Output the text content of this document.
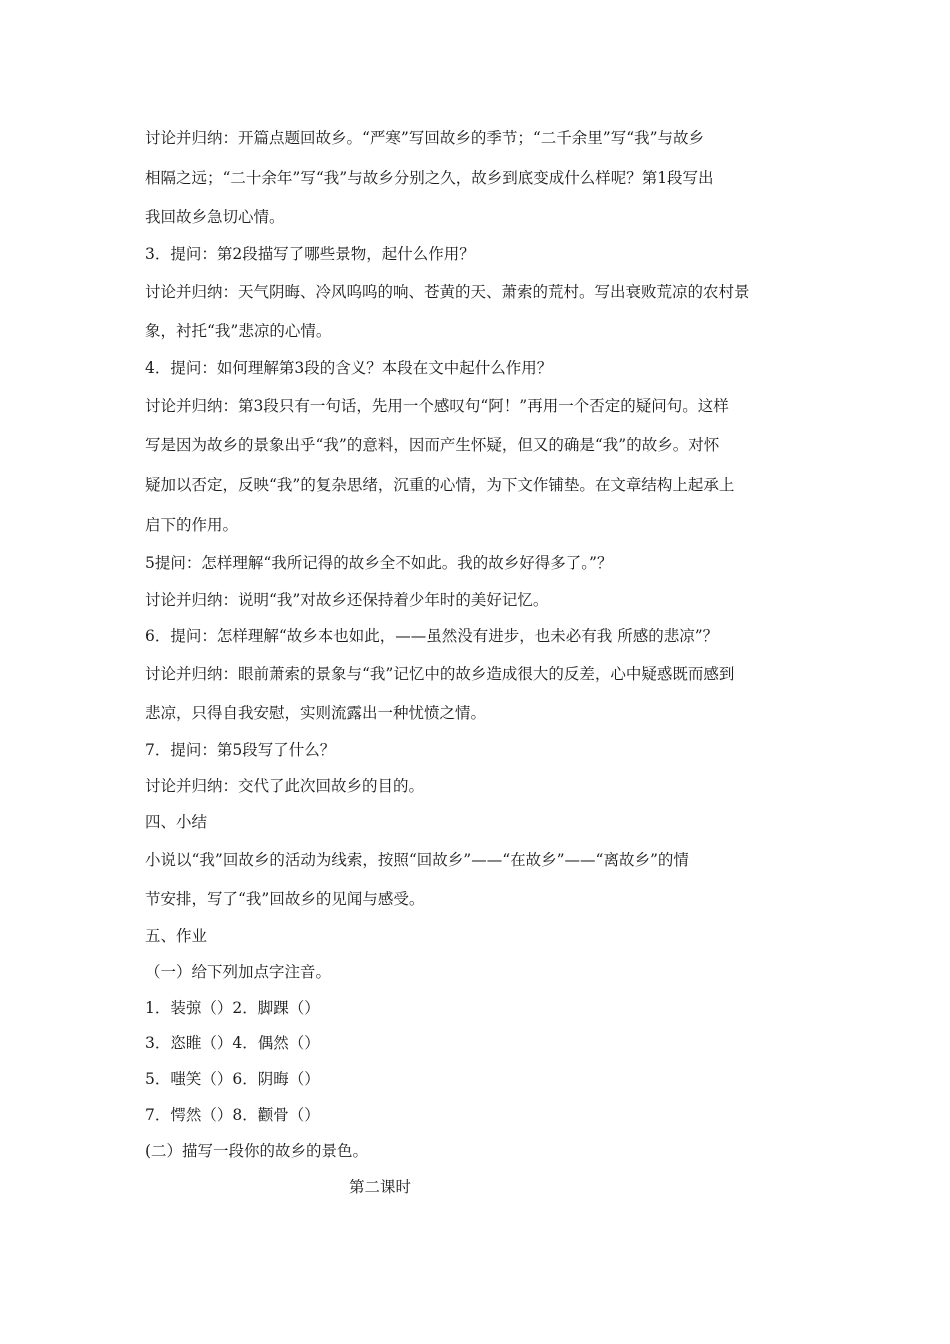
讨论并归纳：开篇点题回故乡。“严寒”写回故乡的季节；“二千余里”写“我”与故乡
相隔之远；“二十余年”写“我”与故乡分别之久，故乡到底变成什么样呢？第1段写出
我回故乡急切心情。
3．提问：第2段描写了哪些景物，起什么作用？
讨论并归纳：天气阴晦、冷风呜呜的响、苍黄的天、萧索的荒村。写出衰败荒凉的农村景
象，衬托“我”悲凉的心情。
4．提问：如何理解第3段的含义？本段在文中起什么作用？
讨论并归纳：第3段只有一句话，先用一个感叹句“阿！”再用一个否定的疑问句。这样
写是因为故乡的景象出乎“我”的意料，因而产生怀疑，但又的确是“我”的故乡。对怀
疑加以否定，反映“我”的复杂思绪，沉重的心情，为下文作铺垫。在文章结构上起承上
启下的作用。
5提问：怎样理解“我所记得的故乡全不如此。我的故乡好得多了。”？
讨论并归纳：说明“我”对故乡还保持着少年时的美好记忆。
6．提问：怎样理解“故乡本也如此，——虽然没有进步，也未必有我 所感的悲凉”？
讨论并归纳：眼前萧索的景象与“我”记忆中的故乡造成很大的反差，心中疑惑既而感到
悲凉，只得自我安慰，实则流露出一种忧愤之情。
7．提问：第5段写了什么？
讨论并归纳：交代了此次回故乡的目的。
四、小结
小说以“我”回故乡的活动为线索，按照“回故乡”——“在故乡”——“离故乡”的情
节安排，写了“我”回故乡的见闻与感受。
五、作业
（一）给下列加点字注音。
1．装弶（）2．脚踝（）
3．恣睢（）4．偶然（）
5．嗤笑（）6．阴晦（）
7．愕然（）8．颧骨（）
(二）描写一段你的故乡的景色。
第二课时
